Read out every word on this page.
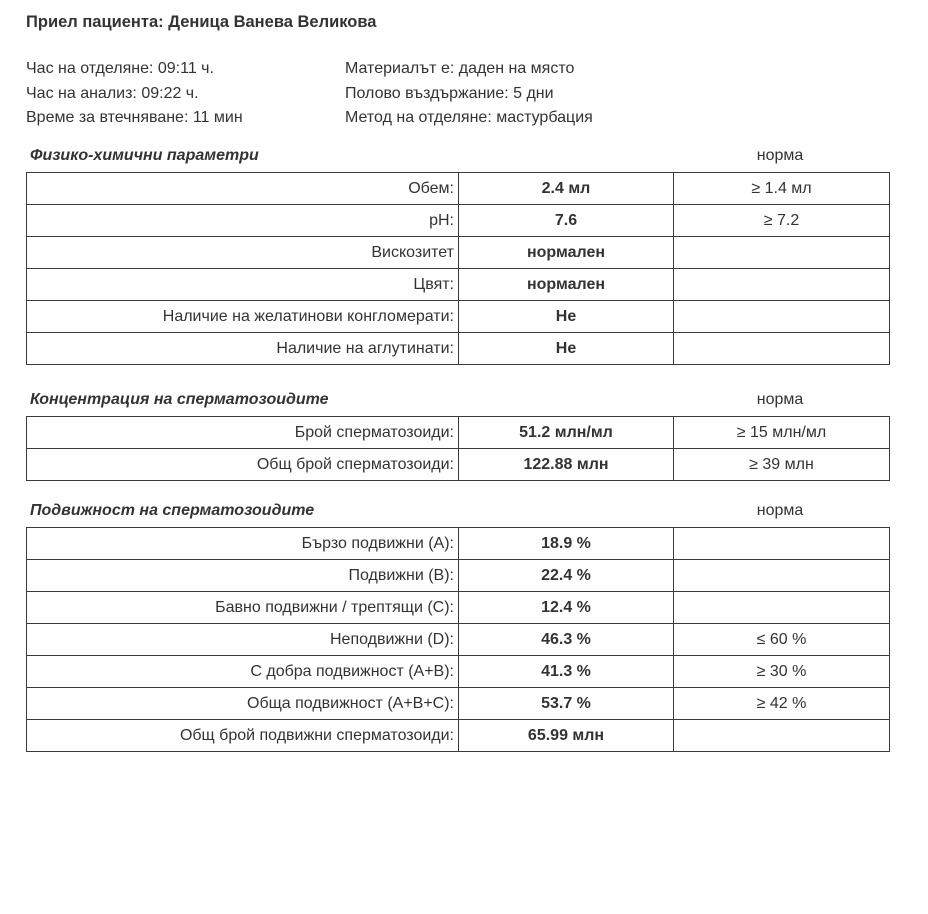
Приел пациента: Деница Ванева Великова
Час на отделяне: 09:11 ч.
Час на анализ: 09:22 ч.
Време за втечняване: 11 мин
Материалът е: даден на място
Полово въздържание: 5 дни
Метод на отделяне: мастурбация
Физико-химични параметри	норма
Обем:	2.4 мл	≥ 1.4 мл
pH:	7.6	≥ 7.2
Вискозитет	нормален	
Цвят:	нормален	
Наличие на желатинови конгломерати:	Не	
Наличие на аглутинати:	Не	
Концентрация на сперматозоидите	норма
Брой сперматозоиди:	51.2 млн/мл	≥ 15 млн/мл
Общ брой сперматозоиди:	122.88 млн	≥ 39 млн
Подвижност на сперматозоидите	норма
Бързо подвижни (A):	18.9 %	
Подвижни (B):	22.4 %	
Бавно подвижни / трептящи (C):	12.4 %	
Неподвижни (D):	46.3 %	≤ 60 %
С добра подвижност (A+B):	41.3 %	≥ 30 %
Обща подвижност (A+B+C):	53.7 %	≥ 42 %
Общ брой подвижни сперматозоиди:	65.99 млн	
